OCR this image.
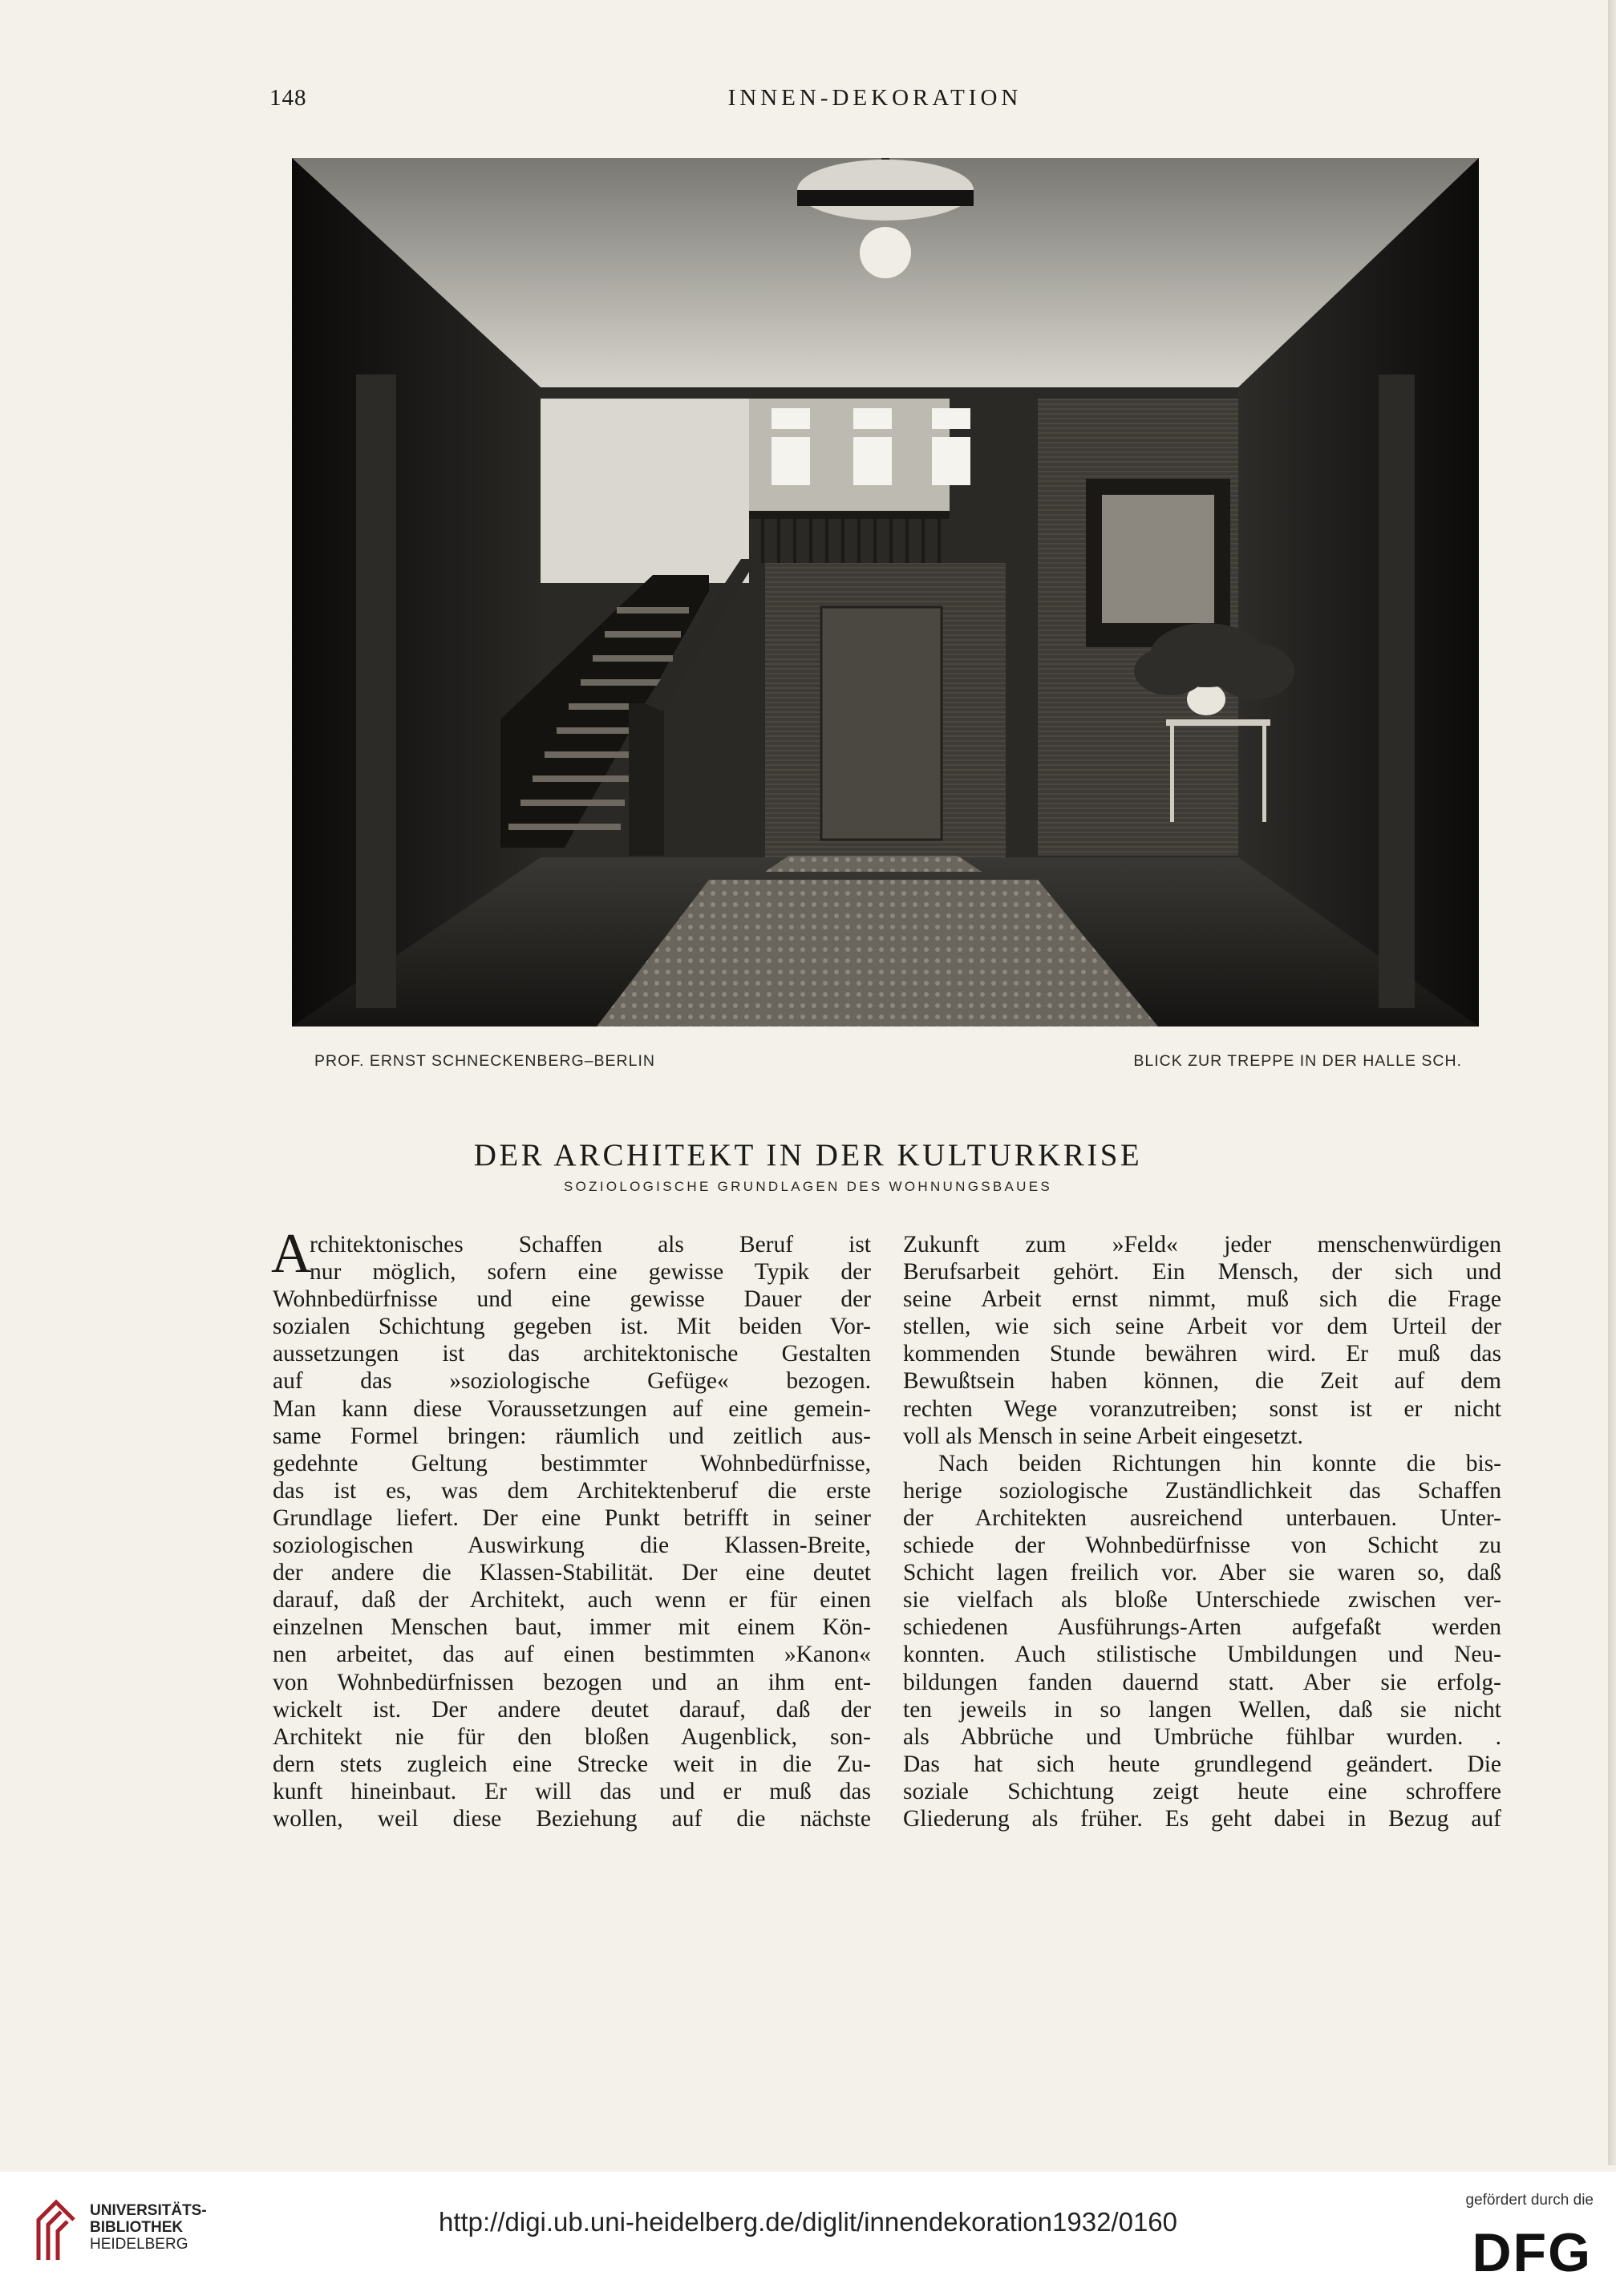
148	INNEN-DEKORATION
PROF. ERNST SCHNECKENBERG–BERLIN	BLICK ZUR TREPPE IN DER HALLE SCH.
DER ARCHITEKT IN DER KULTURKRISE
SOZIOLOGISCHE GRUNDLAGEN DES WOHNUNGSBAUES
A
rchitektonisches Schaffen als Beruf ist
nur möglich, sofern eine gewisse Typik der
Wohnbedürfnisse und eine gewisse Dauer der
sozialen Schichtung gegeben ist. Mit beiden Vor-
aussetzungen ist das architektonische Gestalten
auf das »soziologische Gefüge« bezogen.
Man kann diese Voraussetzungen auf eine gemein-
same Formel bringen: räumlich und zeitlich aus-
gedehnte Geltung bestimmter Wohnbedürfnisse,
das ist es, was dem Architektenberuf die erste
Grundlage liefert. Der eine Punkt betrifft in seiner
soziologischen Auswirkung die Klassen-Breite,
der andere die Klassen-Stabilität. Der eine deutet
darauf, daß der Architekt, auch wenn er für einen
einzelnen Menschen baut, immer mit einem Kön-
nen arbeitet, das auf einen bestimmten »Kanon«
von Wohnbedürfnissen bezogen und an ihm ent-
wickelt ist. Der andere deutet darauf, daß der
Architekt nie für den bloßen Augenblick, son-
dern stets zugleich eine Strecke weit in die Zu-
kunft hineinbaut. Er will das und er muß das
wollen, weil diese Beziehung auf die nächste
Zukunft zum »Feld« jeder menschenwürdigen
Berufsarbeit gehört. Ein Mensch, der sich und
seine Arbeit ernst nimmt, muß sich die Frage
stellen, wie sich seine Arbeit vor dem Urteil der
kommenden Stunde bewähren wird. Er muß das
Bewußtsein haben können, die Zeit auf dem
rechten Wege voranzutreiben; sonst ist er nicht
voll als Mensch in seine Arbeit eingesetzt.
Nach beiden Richtungen hin konnte die bis-
herige soziologische Zuständlichkeit das Schaffen
der Architekten ausreichend unterbauen. Unter-
schiede der Wohnbedürfnisse von Schicht zu
Schicht lagen freilich vor. Aber sie waren so, daß
sie vielfach als bloße Unterschiede zwischen ver-
schiedenen Ausführungs-Arten aufgefaßt werden
konnten. Auch stilistische Umbildungen und Neu-
bildungen fanden dauernd statt. Aber sie erfolg-
ten jeweils in so langen Wellen, daß sie nicht
als Abbrüche und Umbrüche fühlbar wurden. .
Das hat sich heute grundlegend geändert. Die
soziale Schichtung zeigt heute eine schroffere
Gliederung als früher. Es geht dabei in Bezug auf
UNIVERSITÄTS-
BIBLIOTHEK
HEIDELBERG
http://digi.ub.uni-heidelberg.de/diglit/innendekoration1932/0160
gefördert durch die
DFG
